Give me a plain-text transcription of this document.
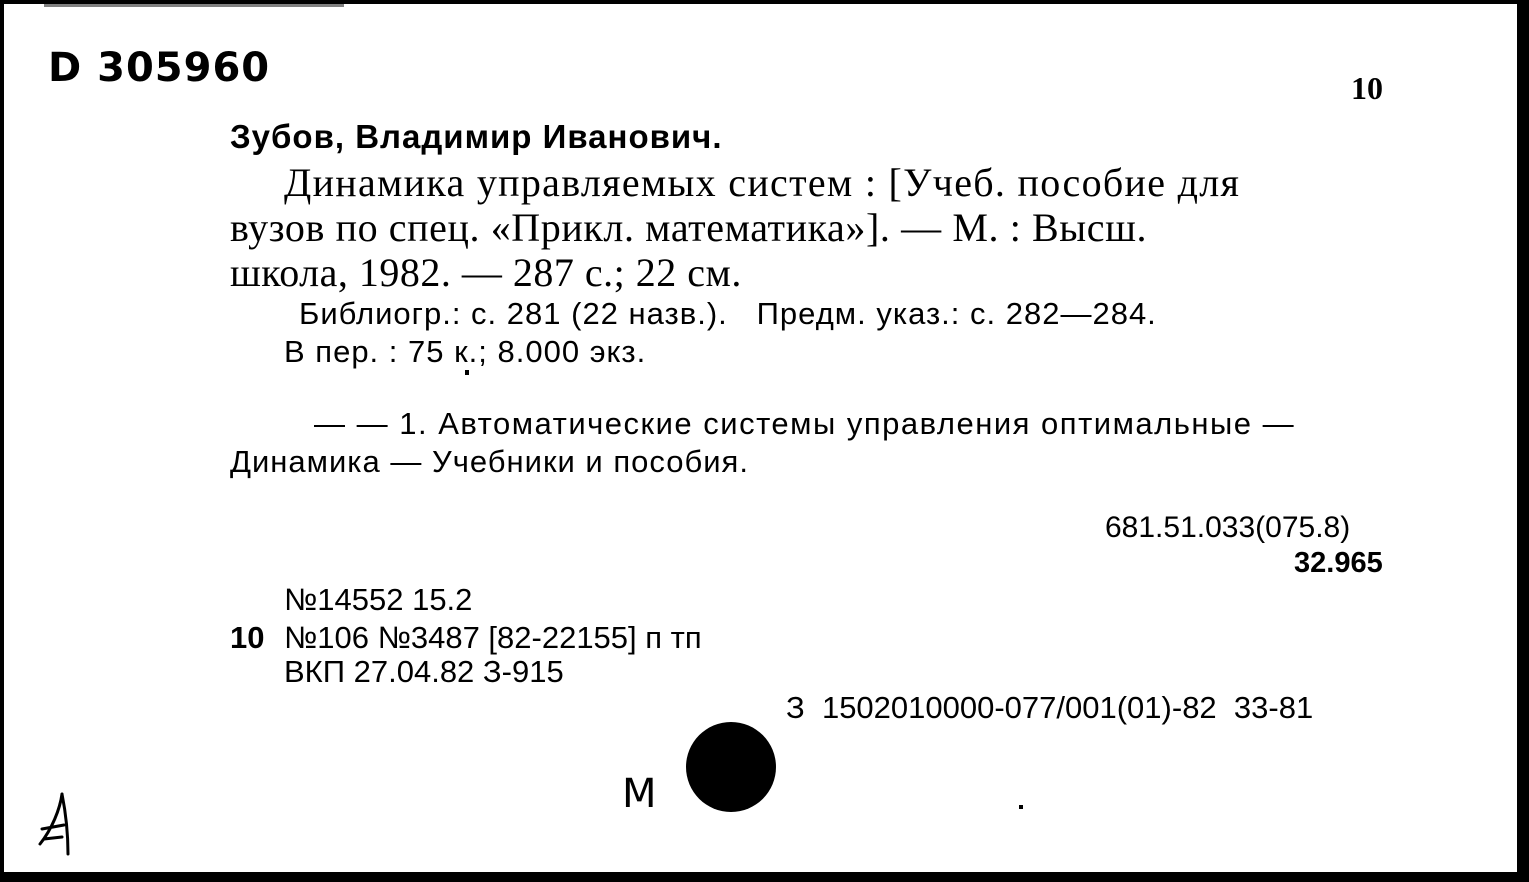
D 305960	10
Зубов, Владимир Иванович.
Динамика управляемых систем : [Учеб. пособие для
вузов по спец. «Прикл. математика»]. — М. : Высш.
школа, 1982. — 287 с.; 22 см.
Библиогр.: с. 281 (22 назв.).   Предм. указ.: с. 282—284.
В пер. : 75 к.; 8.000 экз.
— — 1. Автоматические системы управления оптимальные —
Динамика — Учебники и пособия.
681.51.033(075.8)
32.965
№14552 15.2
10 №106 №3487 [82-22155] п тп
ВКП 27.04.82 З-915
З  1502010000-077/001(01)-82  33-81
M
